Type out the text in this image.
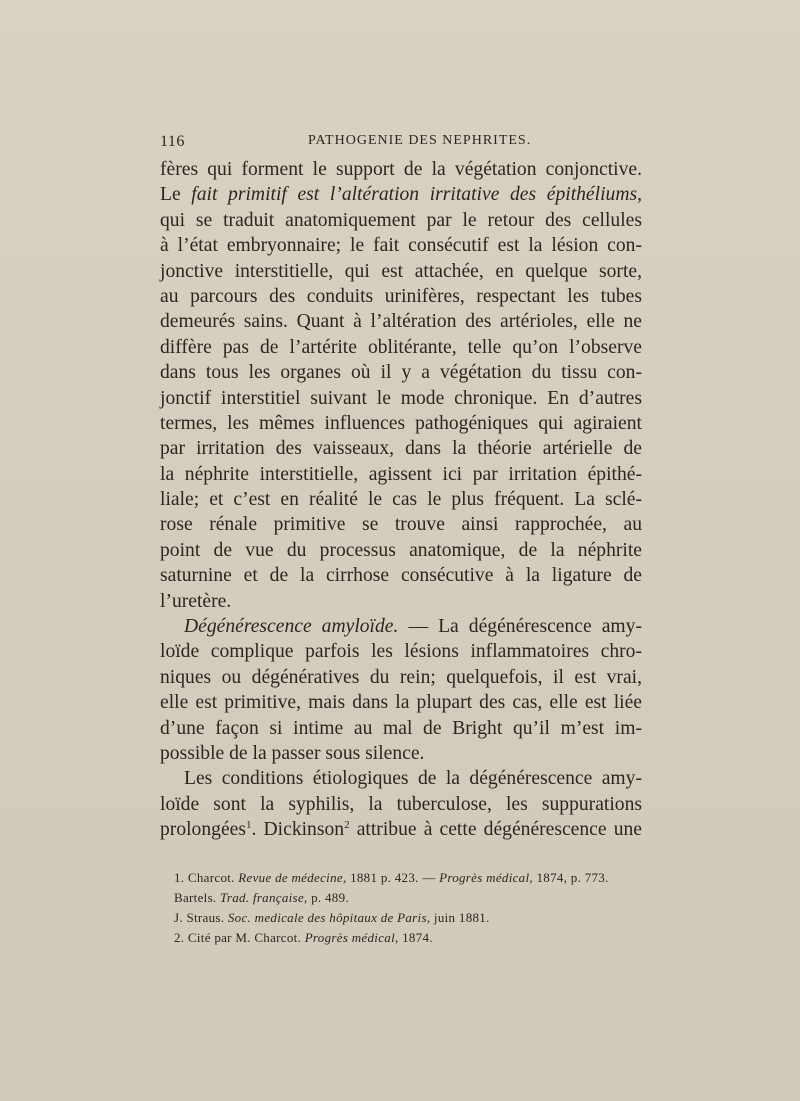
116	PATHOGENIE DES NEPHRITES.
fères qui forment le support de la végétation conjonctive.
Le fait primitif est l’altération irritative des épithéliums,
qui se traduit anatomiquement par le retour des cellules
à l’état embryonnaire; le fait consécutif est la lésion con-
jonctive interstitielle, qui est attachée, en quelque sorte,
au parcours des conduits urinifères, respectant les tubes
demeurés sains. Quant à l’altération des artérioles, elle ne
diffère pas de l’artérite oblitérante, telle qu’on l’observe
dans tous les organes où il y a végétation du tissu con-
jonctif interstitiel suivant le mode chronique. En d’autres
termes, les mêmes influences pathogéniques qui agiraient
par irritation des vaisseaux, dans la théorie artérielle de
la néphrite interstitielle, agissent ici par irritation épithé-
liale; et c’est en réalité le cas le plus fréquent. La sclé-
rose rénale primitive se trouve ainsi rapprochée, au
point de vue du processus anatomique, de la néphrite
saturnine et de la cirrhose consécutive à la ligature de
l’uretère.
Dégénérescence amyloïde. — La dégénérescence amy-
loïde complique parfois les lésions inflammatoires chro-
niques ou dégénératives du rein; quelquefois, il est vrai,
elle est primitive, mais dans la plupart des cas, elle est liée
d’une façon si intime au mal de Bright qu’il m’est im-
possible de la passer sous silence.
Les conditions étiologiques de la dégénérescence amy-
loïde sont la syphilis, la tuberculose, les suppurations
prolongées$^1$. Dickinson$^2$ attribue à cette dégénérescence une
1. Charcot. Revue de médecine, 1881 p. 423. — Progrès médical, 1874, p. 773.
Bartels. Trad. française, p. 489.
J. Straus. Soc. medicale des hôpitaux de Paris, juin 1881.
2. Cité par M. Charcot. Progrès médical, 1874.
